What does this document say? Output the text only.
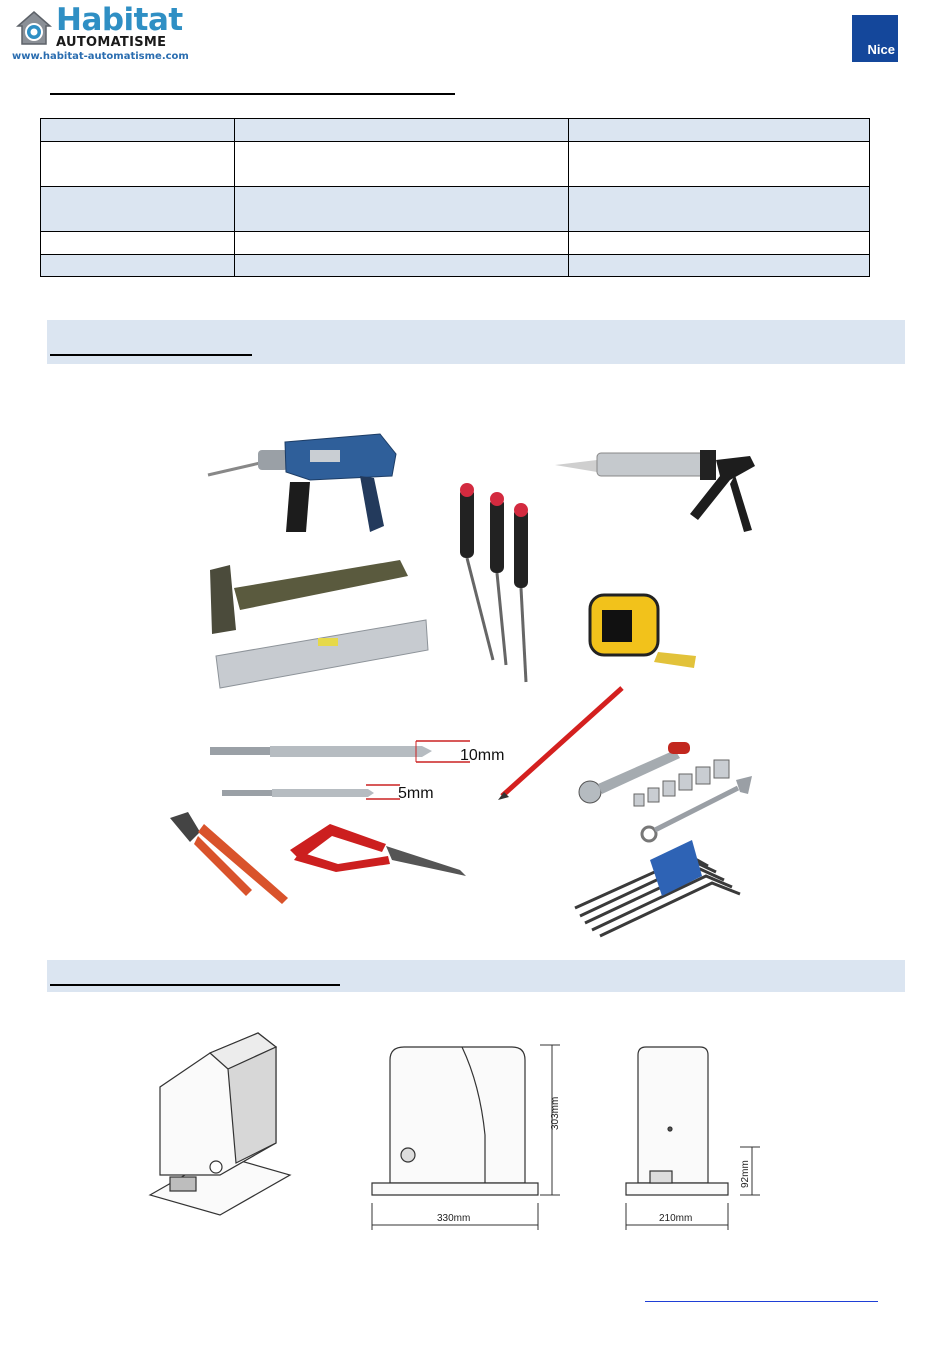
Habitat
AUTOMATISME
www.habitat-automatisme.com	Nice

10mm
5mm
303mm
330mm
92mm
210mm
